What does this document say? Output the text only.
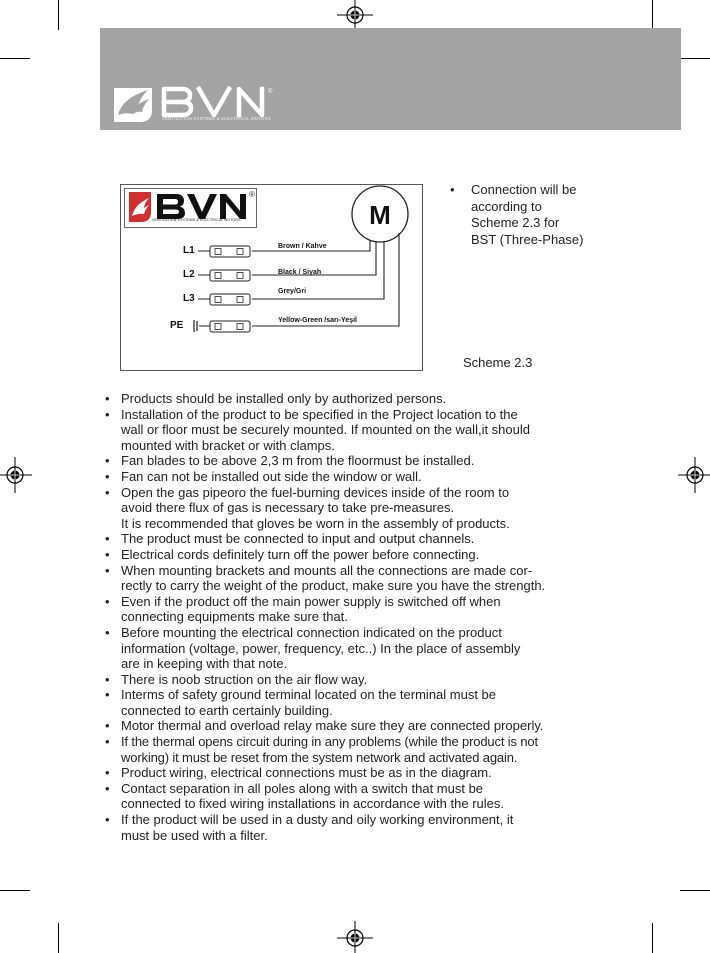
®
VENTILATION SYSTEMS & ELECTRICAL MOTORS
VENTILATION SYSTEMS & ELECTRICAL MOTORS
®
M
L1
L2
L3
PE
Brown / Kahve
Black / Siyah
Grey/Gri
Yellow-Green /sarı-Yeşil
• Connection will be
according to
Scheme 2.3 for
BST (Three-Phase)
Scheme 2.3
• Products should be installed only by authorized persons.
• Installation of the product to be specified in the Project location to the
wall or floor must be securely mounted. If mounted on the wall,it should
mounted with bracket or with clamps.
• Fan blades to be above 2,3 m from the floormust be installed.
• Fan can not be installed out side the window or wall.
• Open the gas pipeoro the fuel-burning devices inside of the room to
avoid there flux of gas is necessary to take pre-measures.
It is recommended that gloves be worn in the assembly of products.
• The product must be connected to input and output channels.
• Electrical cords definitely turn off the power before connecting.
• When mounting brackets and mounts all the connections are made cor-
rectly to carry the weight of the product, make sure you have the strength.
• Even if the product off the main power supply is switched off when
connecting equipments make sure that.
• Before mounting the electrical connection indicated on the product
information (voltage, power, frequency, etc..) In the place of assembly
are in keeping with that note.
• There is noob struction on the air flow way.
• Interms of safety ground terminal located on the terminal must be
connected to earth certainly building.
• Motor thermal and overload relay make sure they are connected properly.
• If the thermal opens circuit during in any problems (while the product is not
working) it must be reset from the system network and activated again.
• Product wiring, electrical connections must be as in the diagram.
• Contact separation in all poles along with a switch that must be
connected to fixed wiring installations in accordance with the rules.
• If the product will be used in a dusty and oily working environment, it
must be used with a filter.
